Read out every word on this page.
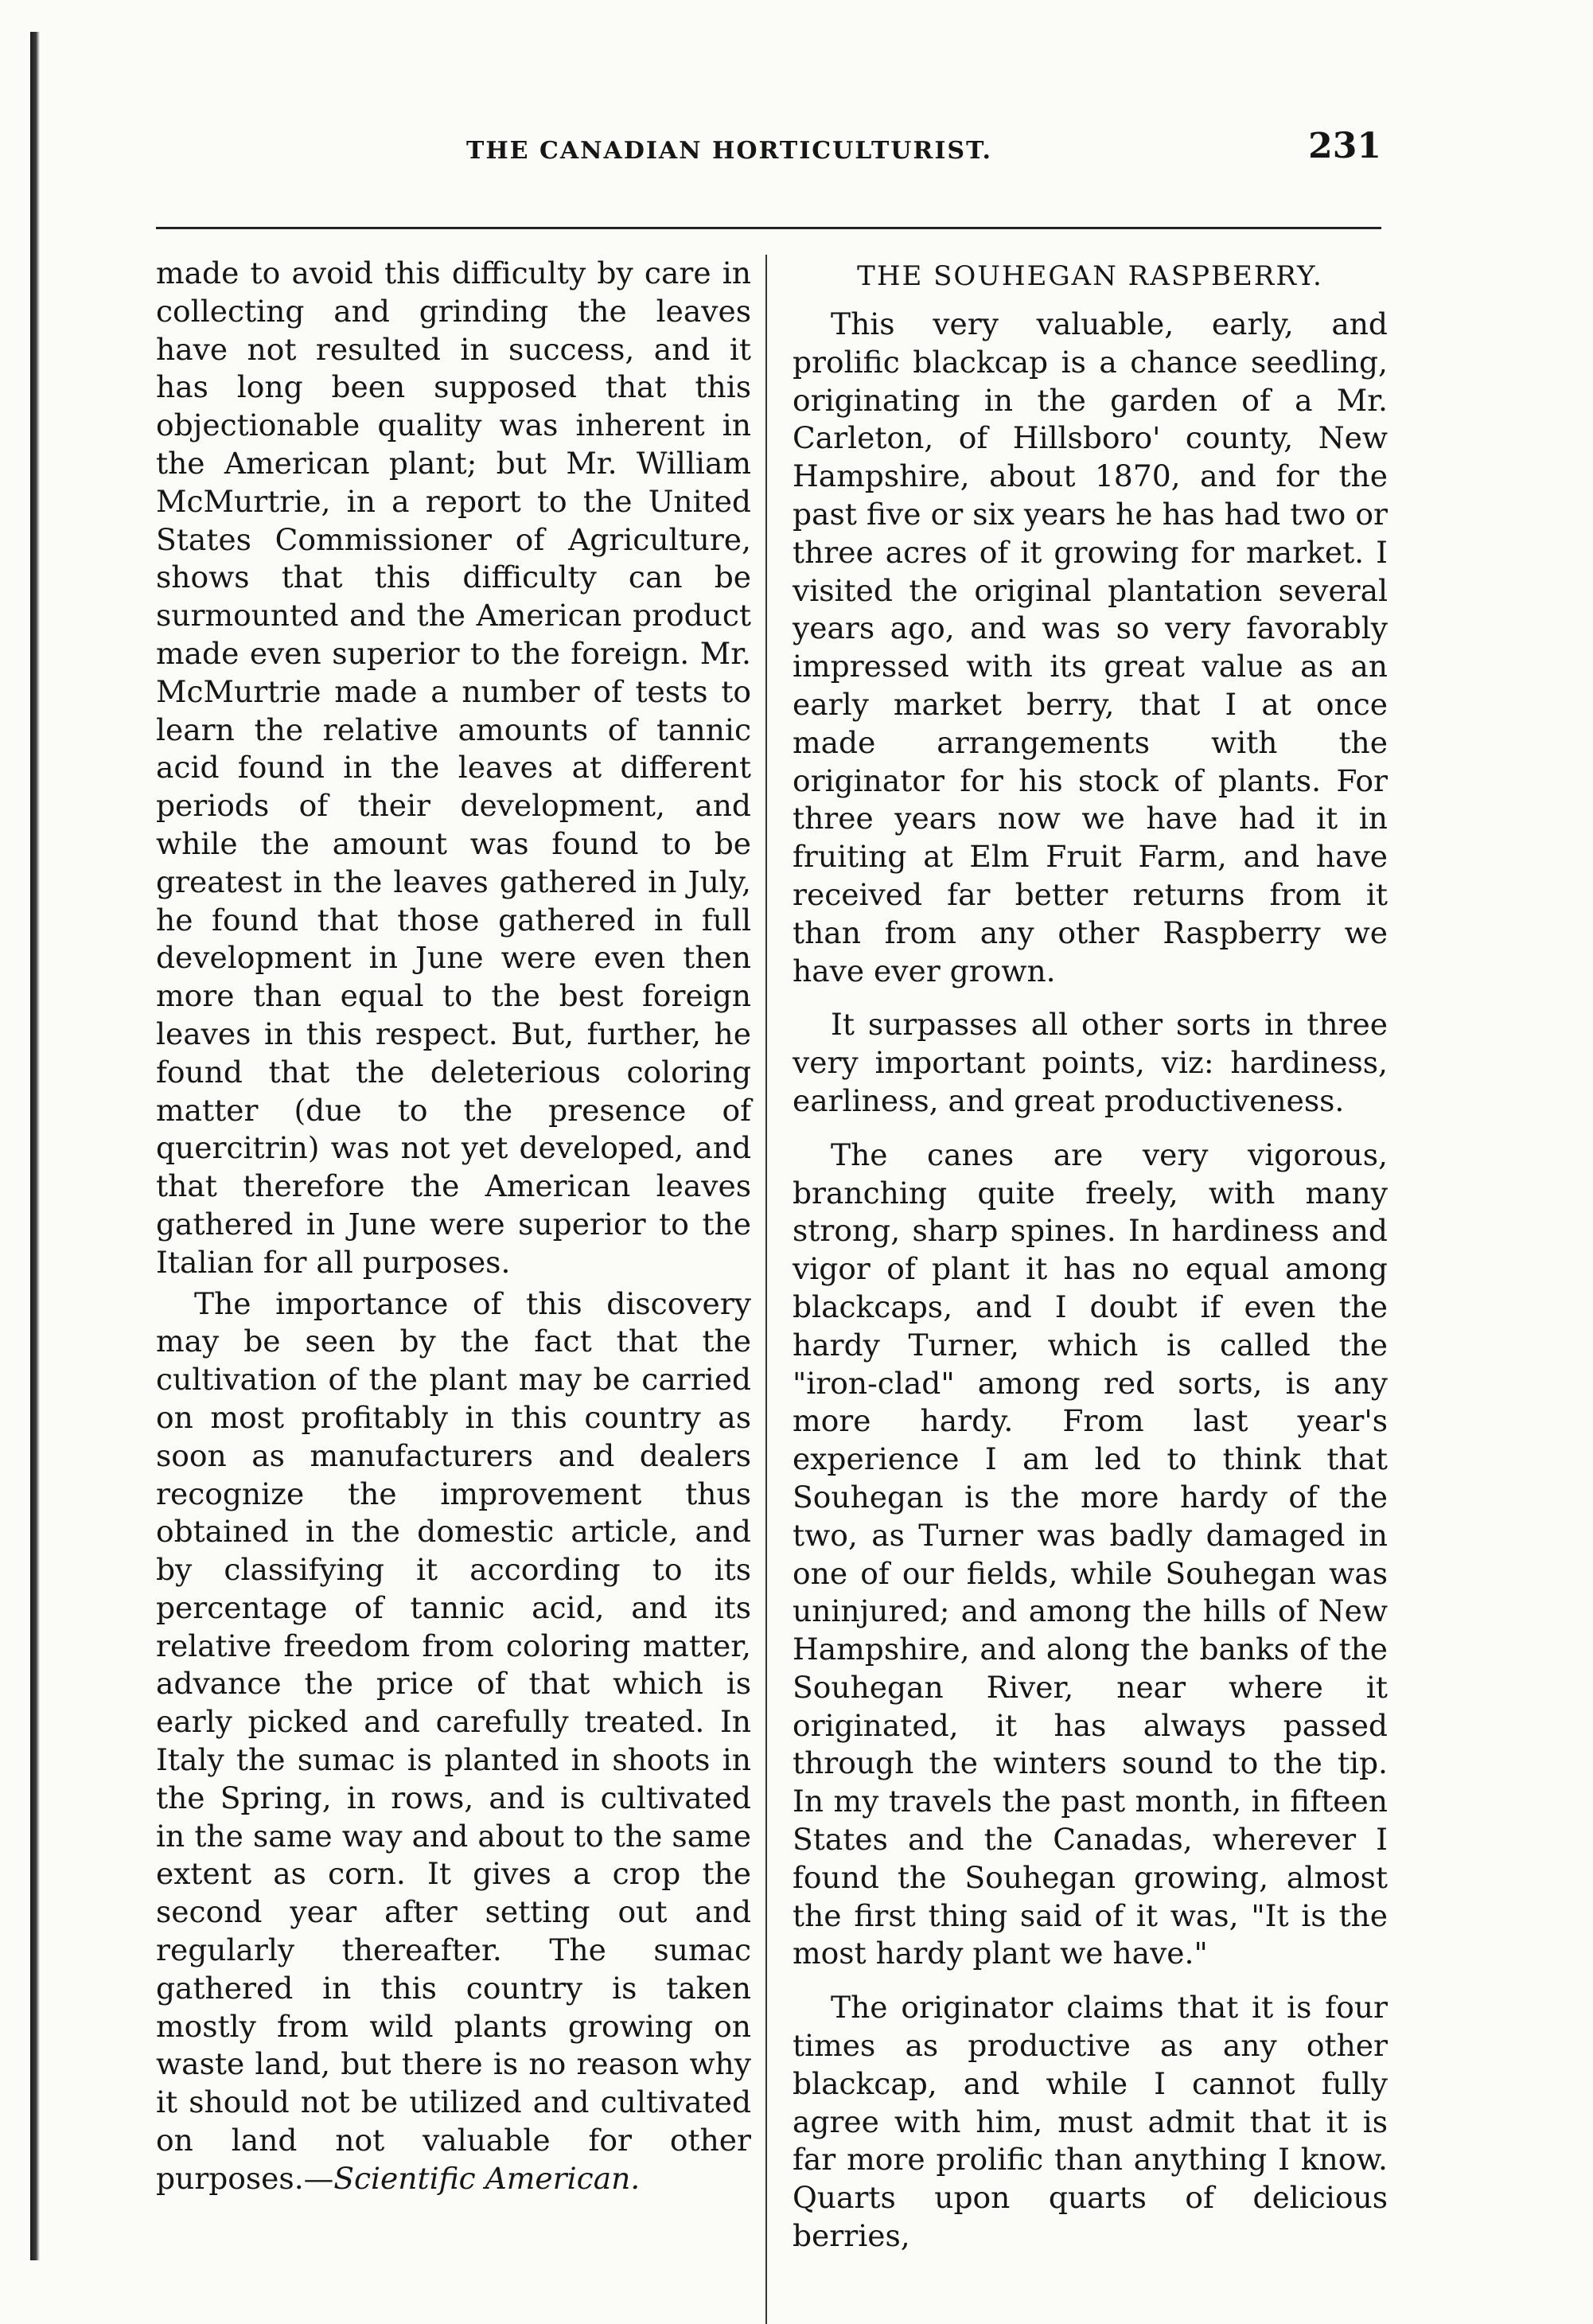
THE CANADIAN HORTICULTURIST.	231

made to avoid this difficulty by care in collecting and grinding the leaves have not resulted in success, and it has long been supposed that this objectionable quality was inherent in the American plant; but Mr. William McMurtrie, in a report to the United States Commissioner of Agriculture, shows that this difficulty can be surmounted and the American product made even superior to the foreign. Mr. McMurtrie made a number of tests to learn the relative amounts of tannic acid found in the leaves at different periods of their development, and while the amount was found to be greatest in the leaves gathered in July, he found that those gathered in full development in June were even then more than equal to the best foreign leaves in this respect. But, further, he found that the deleterious coloring matter (due to the presence of quercitrin) was not yet developed, and that therefore the American leaves gathered in June were superior to the Italian for all purposes.

The importance of this discovery may be seen by the fact that the cultivation of the plant may be carried on most profitably in this country as soon as manufacturers and dealers recognize the improvement thus obtained in the domestic article, and by classifying it according to its percentage of tannic acid, and its relative freedom from coloring matter, advance the price of that which is early picked and carefully treated. In Italy the sumac is planted in shoots in the Spring, in rows, and is cultivated in the same way and about to the same extent as corn. It gives a crop the second year after setting out and regularly thereafter. The sumac gathered in this country is taken mostly from wild plants growing on waste land, but there is no reason why it should not be utilized and cultivated on land not valuable for other purposes.—Scientific American.

THE SOUHEGAN RASPBERRY.

This very valuable, early, and prolific blackcap is a chance seedling, originating in the garden of a Mr. Carleton, of Hillsboro' county, New Hampshire, about 1870, and for the past five or six years he has had two or three acres of it growing for market. I visited the original plantation several years ago, and was so very favorably impressed with its great value as an early market berry, that I at once made arrangements with the originator for his stock of plants. For three years now we have had it in fruiting at Elm Fruit Farm, and have received far better returns from it than from any other Raspberry we have ever grown.

It surpasses all other sorts in three very important points, viz: hardiness, earliness, and great productiveness.

The canes are very vigorous, branching quite freely, with many strong, sharp spines. In hardiness and vigor of plant it has no equal among blackcaps, and I doubt if even the hardy Turner, which is called the "iron-clad" among red sorts, is any more hardy. From last year's experience I am led to think that Souhegan is the more hardy of the two, as Turner was badly damaged in one of our fields, while Souhegan was uninjured; and among the hills of New Hampshire, and along the banks of the Souhegan River, near where it originated, it has always passed through the winters sound to the tip. In my travels the past month, in fifteen States and the Canadas, wherever I found the Souhegan growing, almost the first thing said of it was, "It is the most hardy plant we have."

The originator claims that it is four times as productive as any other blackcap, and while I cannot fully agree with him, must admit that it is far more prolific than anything I know. Quarts upon quarts of delicious berries,
